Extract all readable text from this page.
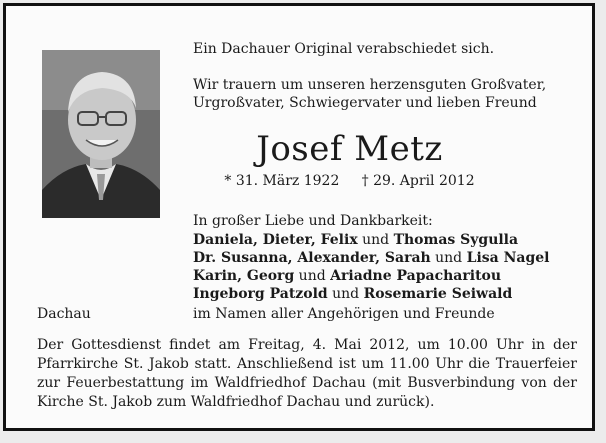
Ein Dachauer Original verabschiedet sich.
Wir trauern um unseren herzensguten Großvater,
Urgroßvater, Schwiegervater und lieben Freund
Josef Metz
* 31. März 1922 † 29. April 2012
In großer Liebe und Dankbarkeit:
Daniela, Dieter, Felix und Thomas Sygulla
Dr. Susanna, Alexander, Sarah und Lisa Nagel
Karin, Georg und Ariadne Papacharitou
Ingeborg Patzold und Rosemarie Seiwald
Dachau	im Namen aller Angehörigen und Freunde
Der Gottesdienst findet am Freitag, 4. Mai 2012, um 10.00 Uhr in der
Pfarrkirche St. Jakob statt. Anschließend ist um 11.00 Uhr die Trauerfeier
zur Feuerbestattung im Waldfriedhof Dachau (mit Busverbindung von der
Kirche St. Jakob zum Waldfriedhof Dachau und zurück).
